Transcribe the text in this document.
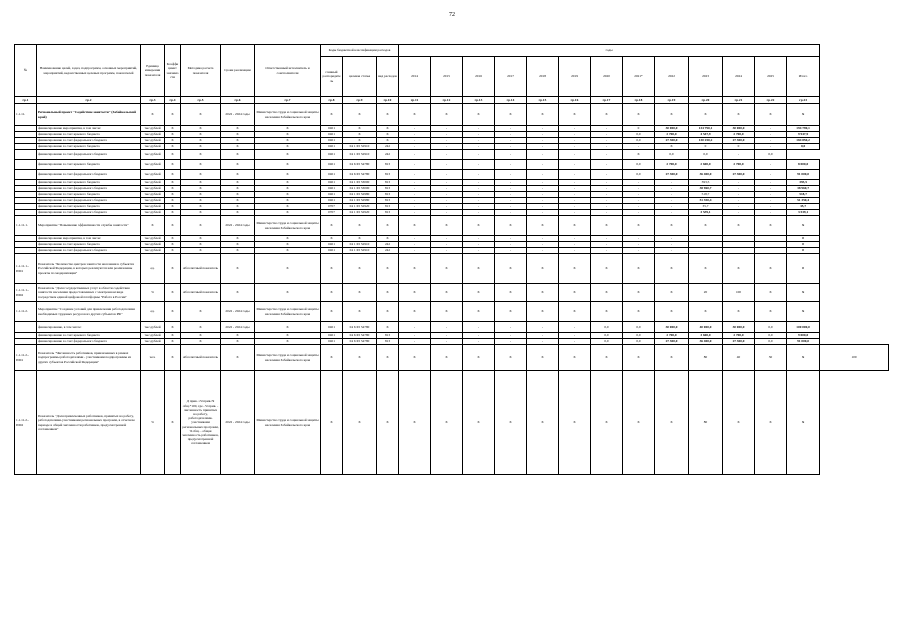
72
№	Наименование целей, задач, подпрограмм, основных мероприятий, мероприятий, ведомственных целевых программ, показателей	Единица измерения показателя	Коэффициент значимости	Методика расчета показателя	Сроки реализации	Ответственный исполнитель и соисполнители	Коды бюджетной классификации расходов			годы													
							главный распорядитель	целевая статья	вид расходов	2014	2015	2016	2017	2018	2019	2020	2021*	2022	2023	2024	2025	Итого	
гр.1	гр.2	гр.3	гр.4	гр.5	гр.6	гр.7	гр.8	гр.9	гр.10	гр.11	гр.12	гр.13	гр.14	гр.15	гр.16	гр.17	гр.18	гр.19	гр.20	гр.21	гр.22	гр.23	
1.1.11.	Региональный проект "Содействие занятости" (Забайкальский край)	X	X	X	2022 - 2024 годы	Министерство труда и социальной защиты населения Забайкальского края	X	X	X	X	X	X	X	X	X	X	X	X	X	X	X	X	
	финансирование мероприятия, в том числе:	тыс.рублей	X	X	X	X	0401	X	X	-	-	-	-	-	-	-	0	30 000,0	134 790,1	30 000,0	-	194 790,1	
	финансирование за счет краевого бюджета	тыс.рублей	X	X	X	X	0401	X	X	-	-	-	-	-	-	-	0,0	2 700,0	4 547,9	2 700,0	-	9 947,9	
	финансирование за счет федерального бюджета	тыс.рублей	X	X	X	X	0401	X	X	-	-	-	-	-	-	-	0,0	27 300,0	130 250,2	27 300,0	-	184 850,2	
	финансирование за счет краевого бюджета	тыс.рублей	X	X	X	X	0401	04 1 P2 52910	242	-	-	-	-	-	-	-	-	X	0	0	-	0,0	
	финансирование за счет федерального бюджета	тыс.рублей	X	X	X	X	0401	04 1 P2 52910	242	-	-	-	-	-	-	-	X	0,0	0,0	-	0,0		
	финансирование за счет краевого бюджета	тыс.рублей	X	X	X	X	0401	04 6 P2 54780	813	-	-	-	-	-	-	-	0,0	2 700,0	2 600,0	2 700,0	-	8 000,0	
	финансирование за счет федерального бюджета	тыс.рублей	X	X	X	X	0401	04 6 P2 54780	813	-	-	-	-	-	-	-	0,0	27 300,0	36 400,0	27 300,0	-	91 000,0	
	финансирование за счет краевого бюджета	тыс.рублей	X	X	X	X	0401	04 1 P2 53000	813	-	-	-	-	-	-	-	-	-	393,5	-	-	393,5	
	финансирование за счет федерального бюджета	тыс.рублей	X	X	X	X	0401	04 1 P2 53000	813	-	-	-	-	-	-	-	-	-	38 960,7	-	-	38 960,7	
	финансирование за счет краевого бюджета	тыс.рублей	X	X	X	X	0401	04 1 P2 52980	813	-	-	-	-	-	-	-	-	-	518,7	-	-	518,7	
	финансирование за счет федерального бюджета	тыс.рублей	X	X	X	X	0401	04 1 P2 52980	813	-	-	-	-	-	-	-	-	-	51 350,4	-	-	51 350,4	
	финансирование за счет краевого бюджета	тыс.рублей	X	X	X	X	0707	04 1 P2 52920	813	-	-	-	-	-	-	-	-	-	35,7	-	-	35,7	
	финансирование за счет федерального бюджета	тыс.рублей	X	X	X	X	0707	04 1 P2 52920	813	-	-	-	-	-	-	-	-	-	3 539,1	-	-	3 539,1	
1.1.11.1.	Мероприятие "Повышение эффективности службы занятости"	X	X	X	2022 - 2024 годы	Министерство труда и социальной защиты населения Забайкальского края	X	X	X	X	X	X	X	X	X	X	X	X	X	X	X	X	
	финансирование мероприятия, в том числе:	тыс.рублей	X	X	X	X	X	X	X	-	-	-	-	-	-	-	-	-				0	
	финансирование за счет краевого бюджета	тыс.рублей	X	X	X	X	0401	04 1 P2 52910	242	-	-	-	-	-	-	-	-	-				0	
	финансирование за счет федерального бюджета	тыс.рублей	X	X	X	X	0401	04 1 P2 52910	242	-	-	-	-	-	-	-	-	-				0	
1.1.11.1.-ПМ1	Показатель "Количество центров занятости населения в субъектах Российской Федерации, в которых реализуются или реализованы проекты по модернизации"	ед.	X	Абсолютный показатель	X	X	X	X	X	X	X	X	X	X	X	X	X	X	X	X	X	0	
1.1.11.1.-ПМ2	Показатель "Доля государственных услуг в области содействия занятости населения предоставленных с электронном виде посредством единой цифровой платформы "Работа в России"	%	X	Абсолютный показатель	X	X	X	X	X	X	X	X	X	X	X	X	X	X	20	100	X	X	
1.1.11.2.	Мероприятие "Создание условий для привлечения работодателями необходимых трудовых ресурсов из других субъектов РФ"	ед.	X	X	2022 - 2024 годы	Министерство труда и социальной защиты населения Забайкальского края	X	X	X	X	X	X	X	X	X	X	X	X	X	X	X	X	
	финансирование, в том числе:	тыс.рублей	X	X	2022 - 2024 годы	X	0401	04 6 P2 54780	X	-	-	-	-	-	-	0,0	0,0	30 000,0	40 000,0	30 000,0	0,0	100 000,0	
	финансирование за счет краевого бюджета	тыс.рублей	X	X	X	X	0401	04 6 P2 54780	813	-	-	-	-	-	-	0,0	0,0	2 700,0	3 600,0	2 700,0	0,0	9 000,0	
	финансирование за счет федерального бюджета	тыс.рублей	X	X	X	X	0401	04 6 P2 54780	813	-	-	-	-	-	-	0,0	0,0	27 300,0	36 400,0	27 300,0	0,0	91 000,0	
1.1.11.2.-ПМ1	Показатель "Численность работников, привлеченных в рамках подпрограммы работодателями - участниками подпрограммы из других субъектов Российской Федерации"	чел.	X	Абсолютный показатель	X	Министерство труда и социальной защиты населения Забайкальского края	X	X	X	X	X	X	X	X	X	X	X	X	80	40	30	X	100
1.1.11.2.-ПМ2	Показатель "Доля привлеченных работников, принятых на работу, работодателями-участниками региональных программ, в отчетном периоде в общей численности работников, предусмотренной соглашением"	%	X	Д прив. =Ч прив./Ч общ.*100, где - Ч прив. - численность принятых на работу, работодателями-участниками региональных программ, Ч общ. - общая численность работников, предусмотренной соглашением	2022 - 2024 годы	Министерство труда и социальной защиты населения Забайкальского края	X	X	X	X	X	X	X	X	X	X	X	X	80	X	X	X	
